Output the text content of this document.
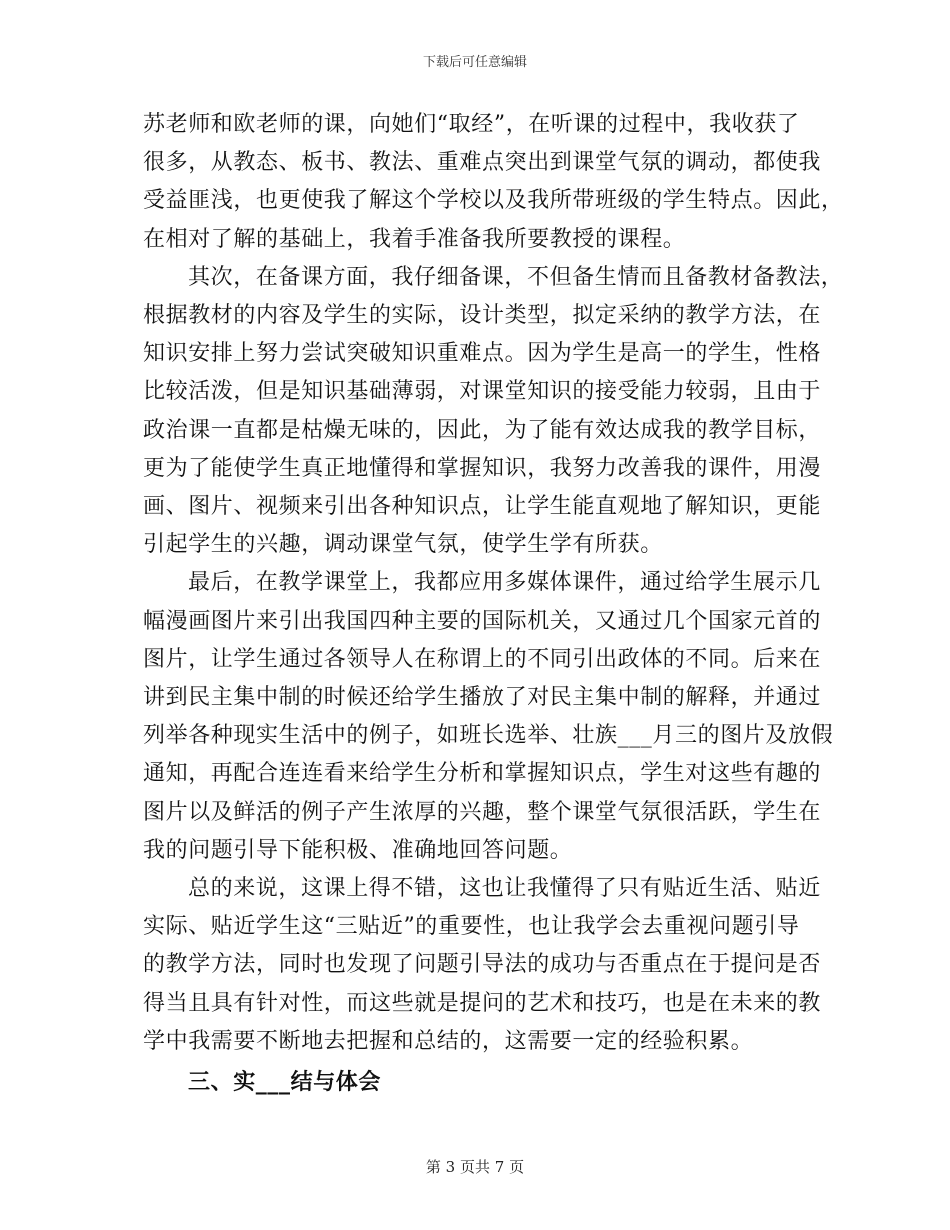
下载后可任意编辑

苏老师和欧老师的课，向她们“取经”，在听课的过程中，我收获了
很多，从教态、板书、教法、重难点突出到课堂气氛的调动，都使我
受益匪浅，也更使我了解这个学校以及我所带班级的学生特点。因此，
在相对了解的基础上，我着手准备我所要教授的课程。

其次，在备课方面，我仔细备课，不但备生情而且备教材备教法，
根据教材的内容及学生的实际，设计类型，拟定采纳的教学方法，在
知识安排上努力尝试突破知识重难点。因为学生是高一的学生，性格
比较活泼，但是知识基础薄弱，对课堂知识的接受能力较弱，且由于
政治课一直都是枯燥无味的，因此，为了能有效达成我的教学目标，
更为了能使学生真正地懂得和掌握知识，我努力改善我的课件，用漫
画、图片、视频来引出各种知识点，让学生能直观地了解知识，更能
引起学生的兴趣，调动课堂气氛，使学生学有所获。

最后，在教学课堂上，我都应用多媒体课件，通过给学生展示几
幅漫画图片来引出我国四种主要的国际机关，又通过几个国家元首的
图片，让学生通过各领导人在称谓上的不同引出政体的不同。后来在
讲到民主集中制的时候还给学生播放了对民主集中制的解释，并通过
列举各种现实生活中的例子，如班长选举、壮族___月三的图片及放假
通知，再配合连连看来给学生分析和掌握知识点，学生对这些有趣的
图片以及鲜活的例子产生浓厚的兴趣，整个课堂气氛很活跃，学生在
我的问题引导下能积极、准确地回答问题。

总的来说，这课上得不错，这也让我懂得了只有贴近生活、贴近
实际、贴近学生这“三贴近”的重要性，也让我学会去重视问题引导
的教学方法，同时也发现了问题引导法的成功与否重点在于提问是否
得当且具有针对性，而这些就是提问的艺术和技巧，也是在未来的教
学中我需要不断地去把握和总结的，这需要一定的经验积累。

三、实___结与体会
第 3 页共 7 页
